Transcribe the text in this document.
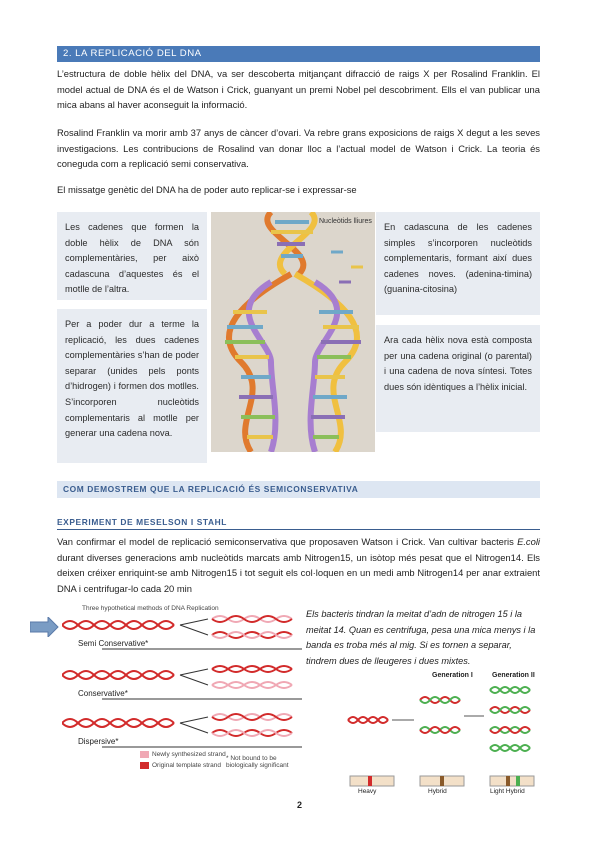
2. LA REPLICACIÓ DEL DNA
L’estructura de doble hèlix del DNA, va ser descoberta mitjançant difracció de raigs X per Rosalind Franklin. El model actual de DNA és el de Watson i Crick, guanyant un premi Nobel pel descobriment. Ells el van publicar una mica abans al haver aconseguit la informació.
Rosalind Franklin va morir amb 37 anys de càncer d’ovari. Va rebre grans exposicions de raigs X degut a les seves investigacions. Les contribucions de Rosalind van donar lloc a l’actual model de Watson i Crick. La teoria és coneguda com a replicació semi conservativa.
El missatge genètic del DNA ha de poder auto replicar-se i expressar-se

Les cadenes que formen la doble hèlix de DNA són complementàries, per això cadascuna d’aquestes és el motlle de l’altra.

Per a poder dur a terme la replicació, les dues cadenes complementàries s’han de poder separar (unides pels ponts d’hidrogen) i formen dos motlles. S’incorporen nucleòtids complementaris al motlle per generar una cadena nova.

En cadascuna de les cadenes simples s’incorporen nucleòtids complementaris, formant així dues cadenes noves. (adenina-timina) (guanina-citosina)

Ara cada hèlix nova està composta per una cadena original (o parental) i una cadena de nova síntesi. Totes dues són idèntiques a l’hèlix inicial.

Nucleòtids lliures
COM DEMOSTREM QUE LA REPLICACIÓ ÉS SEMICONSERVATIVA
EXPERIMENT DE MESELSON I STAHL
Van confirmar el model de replicació semiconservativa que proposaven Watson i Crick. Van cultivar bacteris E.coli durant diverses generacions amb nucleòtids marcats amb Nitrogen15, un isòtop més pesat que el Nitrogen14. Els deixen créixer enriquint-se amb Nitrogen15 i tot seguit els col·loquen en un medi amb Nitrogen14 per anar extraient DNA i centrifugar-lo cada 20 min
Three hypothetical methods of DNA Replication
Semi Conservative*
Conservative*
Dispersive*
Newly synthesized strand
Original template strand
* Not bound to be biologically significant
Els bacteris tindran la meitat d’adn de nitrogen 15 i la meitat 14. Quan es centrifuga, pesa una mica menys i la banda es troba més al mig. Si es tornen a separar, tindrem dues de lleugeres i dues mixtes.
Generation I	Generation II
Heavy	Hybrid	Light Hybrid
2
